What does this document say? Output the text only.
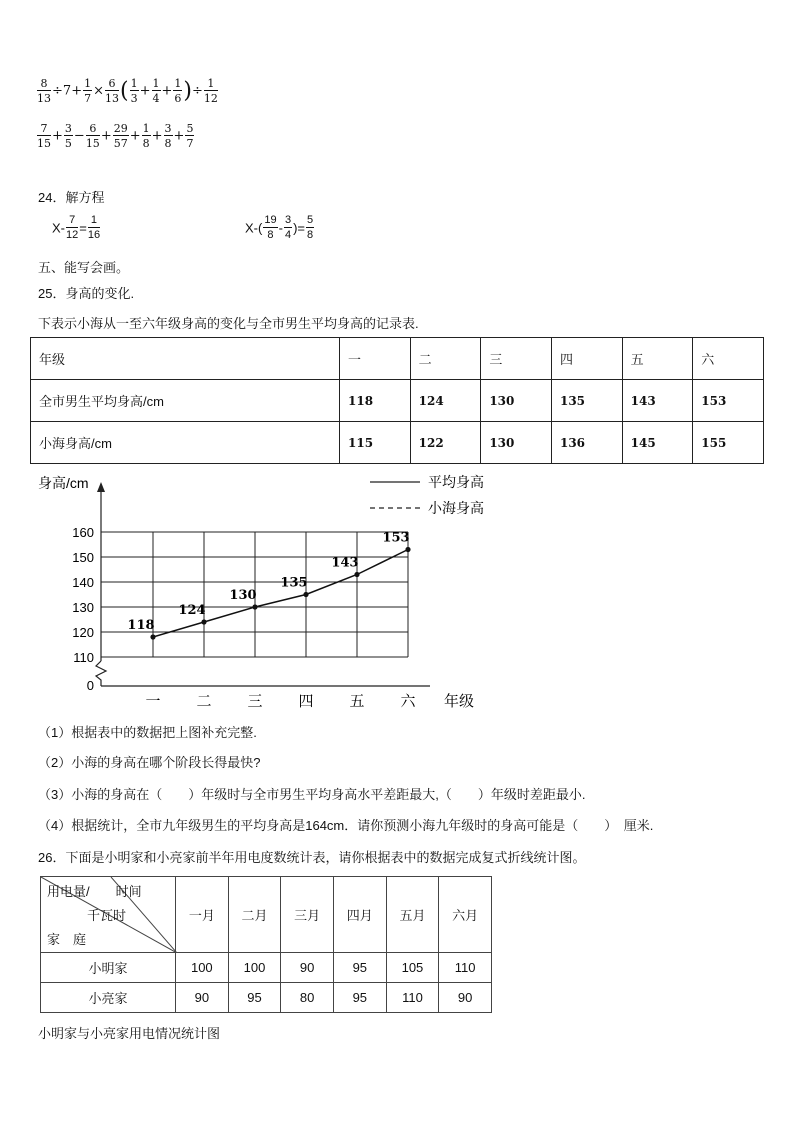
$\frac{8}{13} \div 7+ \frac{1}{7} \times \frac{6}{13}$ ( $\frac{1}{3} + \frac{1}{4} + \frac{1}{6}$ )÷ $\frac{1}{12}$
$\frac{7}{15} + \frac{3}{5} - \frac{6}{15} + \frac{29}{57} + \frac{1}{8} + \frac{3}{8} + \frac{5}{7}$
24．解方程
$X- \frac{7}{12} = \frac{1}{16}$	$X-( \frac{19}{8} - \frac{3}{4}$ )= $\frac{5}{8}$
五、能写会画。
25．身高的变化.
下表示小海从一至六年级身高的变化与全市男生平均身高的记录表.
年级	一	二	三	四	五	六
全市男生平均身高/cm	118	124	130	135	143	153
小海身高/cm	115	122	130	136	145	155
0
110
120
130
140
150
160
一 二 三 四 五 六 年级
身高/cm	平均身高
小海身高
118
124
130
135
143
153
（1）根据表中的数据把上图补充完整.
（2）小海的身高在哪个阶段长得最快?
（3）小海的身高在（　　）年级时与全市男生平均身高水平差距最大,（　　）年级时差距最小.
（4）根据统计，全市九年级男生的平均身高是164cm．请你预测小海九年级时的身高可能是（　　）　厘米.
26．下面是小明家和小亮家前半年用电度数统计表，请你根据表中的数据完成复式折线统计图。
用电量/　　时间
千瓦时
家　庭	一月	二月	三月	四月	五月	六月
小明家	100	100	90	95	105	110
小亮家	90	95	80	95	110	90
小明家与小亮家用电情况统计图
